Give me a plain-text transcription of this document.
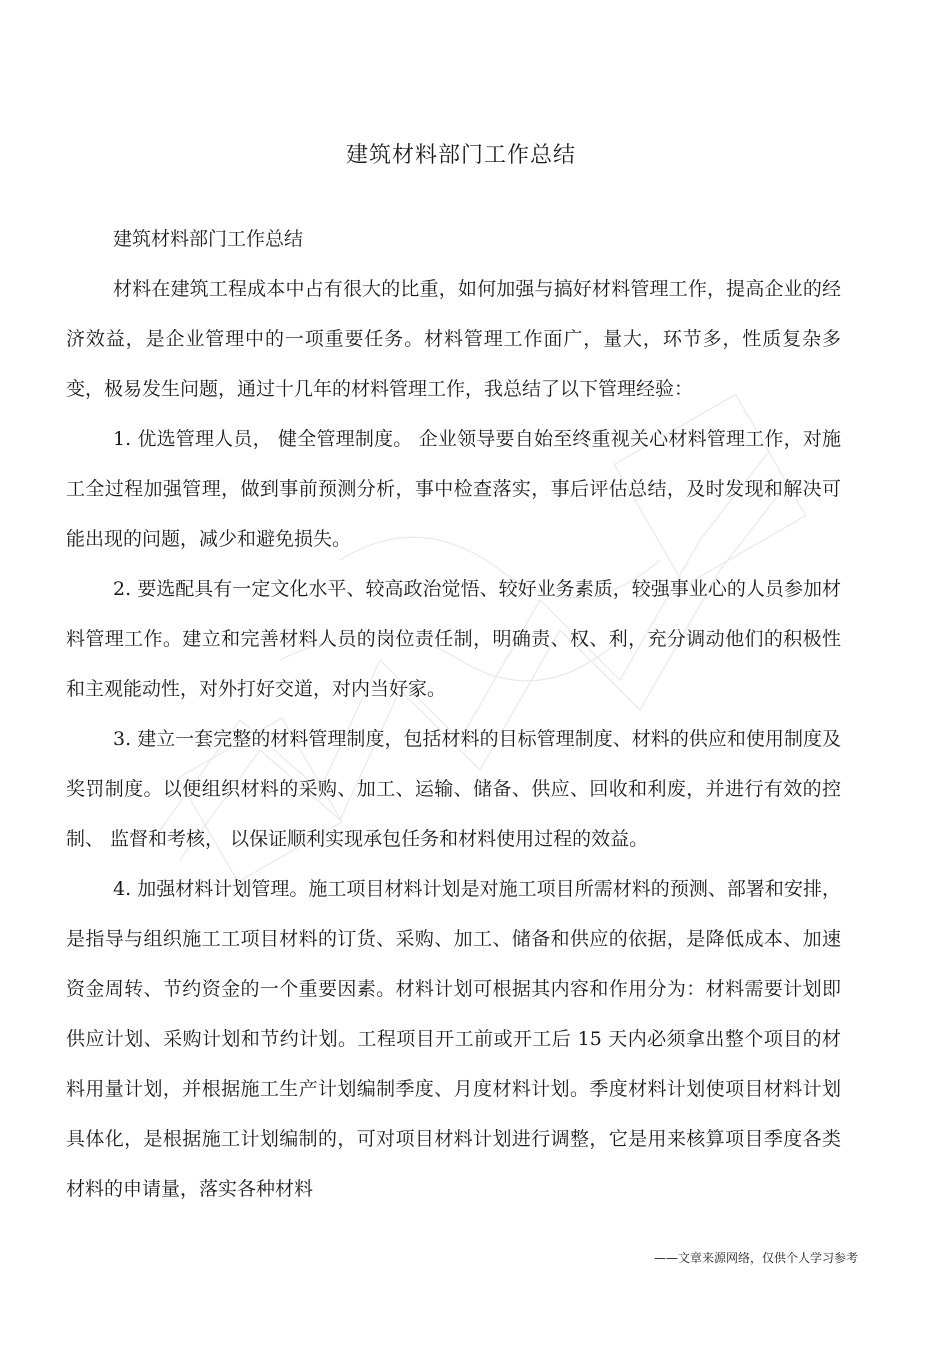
建筑材料部门工作总结

建筑材料部门工作总结

材料在建筑工程成本中占有很大的比重，如何加强与搞好材料管理工作，提高企业的经济效益，是企业管理中的一项重要任务。材料管理工作面广，量大，环节多，性质复杂多变，极易发生问题，通过十几年的材料管理工作，我总结了以下管理经验：

1. 优选管理人员， 健全管理制度。 企业领导要自始至终重视关心材料管理工作，对施工全过程加强管理，做到事前预测分析，事中检查落实，事后评估总结，及时发现和解决可能出现的问题，减少和避免损失。

2. 要选配具有一定文化水平、较高政治觉悟、较好业务素质，较强事业心的人员参加材料管理工作。建立和完善材料人员的岗位责任制，明确责、权、利，充分调动他们的积极性和主观能动性，对外打好交道，对内当好家。

3. 建立一套完整的材料管理制度，包括材料的目标管理制度、材料的供应和使用制度及奖罚制度。以便组织材料的采购、加工、运输、储备、供应、回收和利废，并进行有效的控制、 监督和考核， 以保证顺利实现承包任务和材料使用过程的效益。

4. 加强材料计划管理。施工项目材料计划是对施工项目所需材料的预测、部署和安排，是指导与组织施工工项目材料的订货、采购、加工、储备和供应的依据，是降低成本、加速资金周转、节约资金的一个重要因素。材料计划可根据其内容和作用分为：材料需要计划即供应计划、采购计划和节约计划。工程项目开工前或开工后 15 天内必须拿出整个项目的材料用量计划，并根据施工生产计划编制季度、月度材料计划。季度材料计划使项目材料计划具体化，是根据施工计划编制的，可对项目材料计划进行调整，它是用来核算项目季度各类材料的申请量，落实各种材料

——文章来源网络，仅供个人学习参考
